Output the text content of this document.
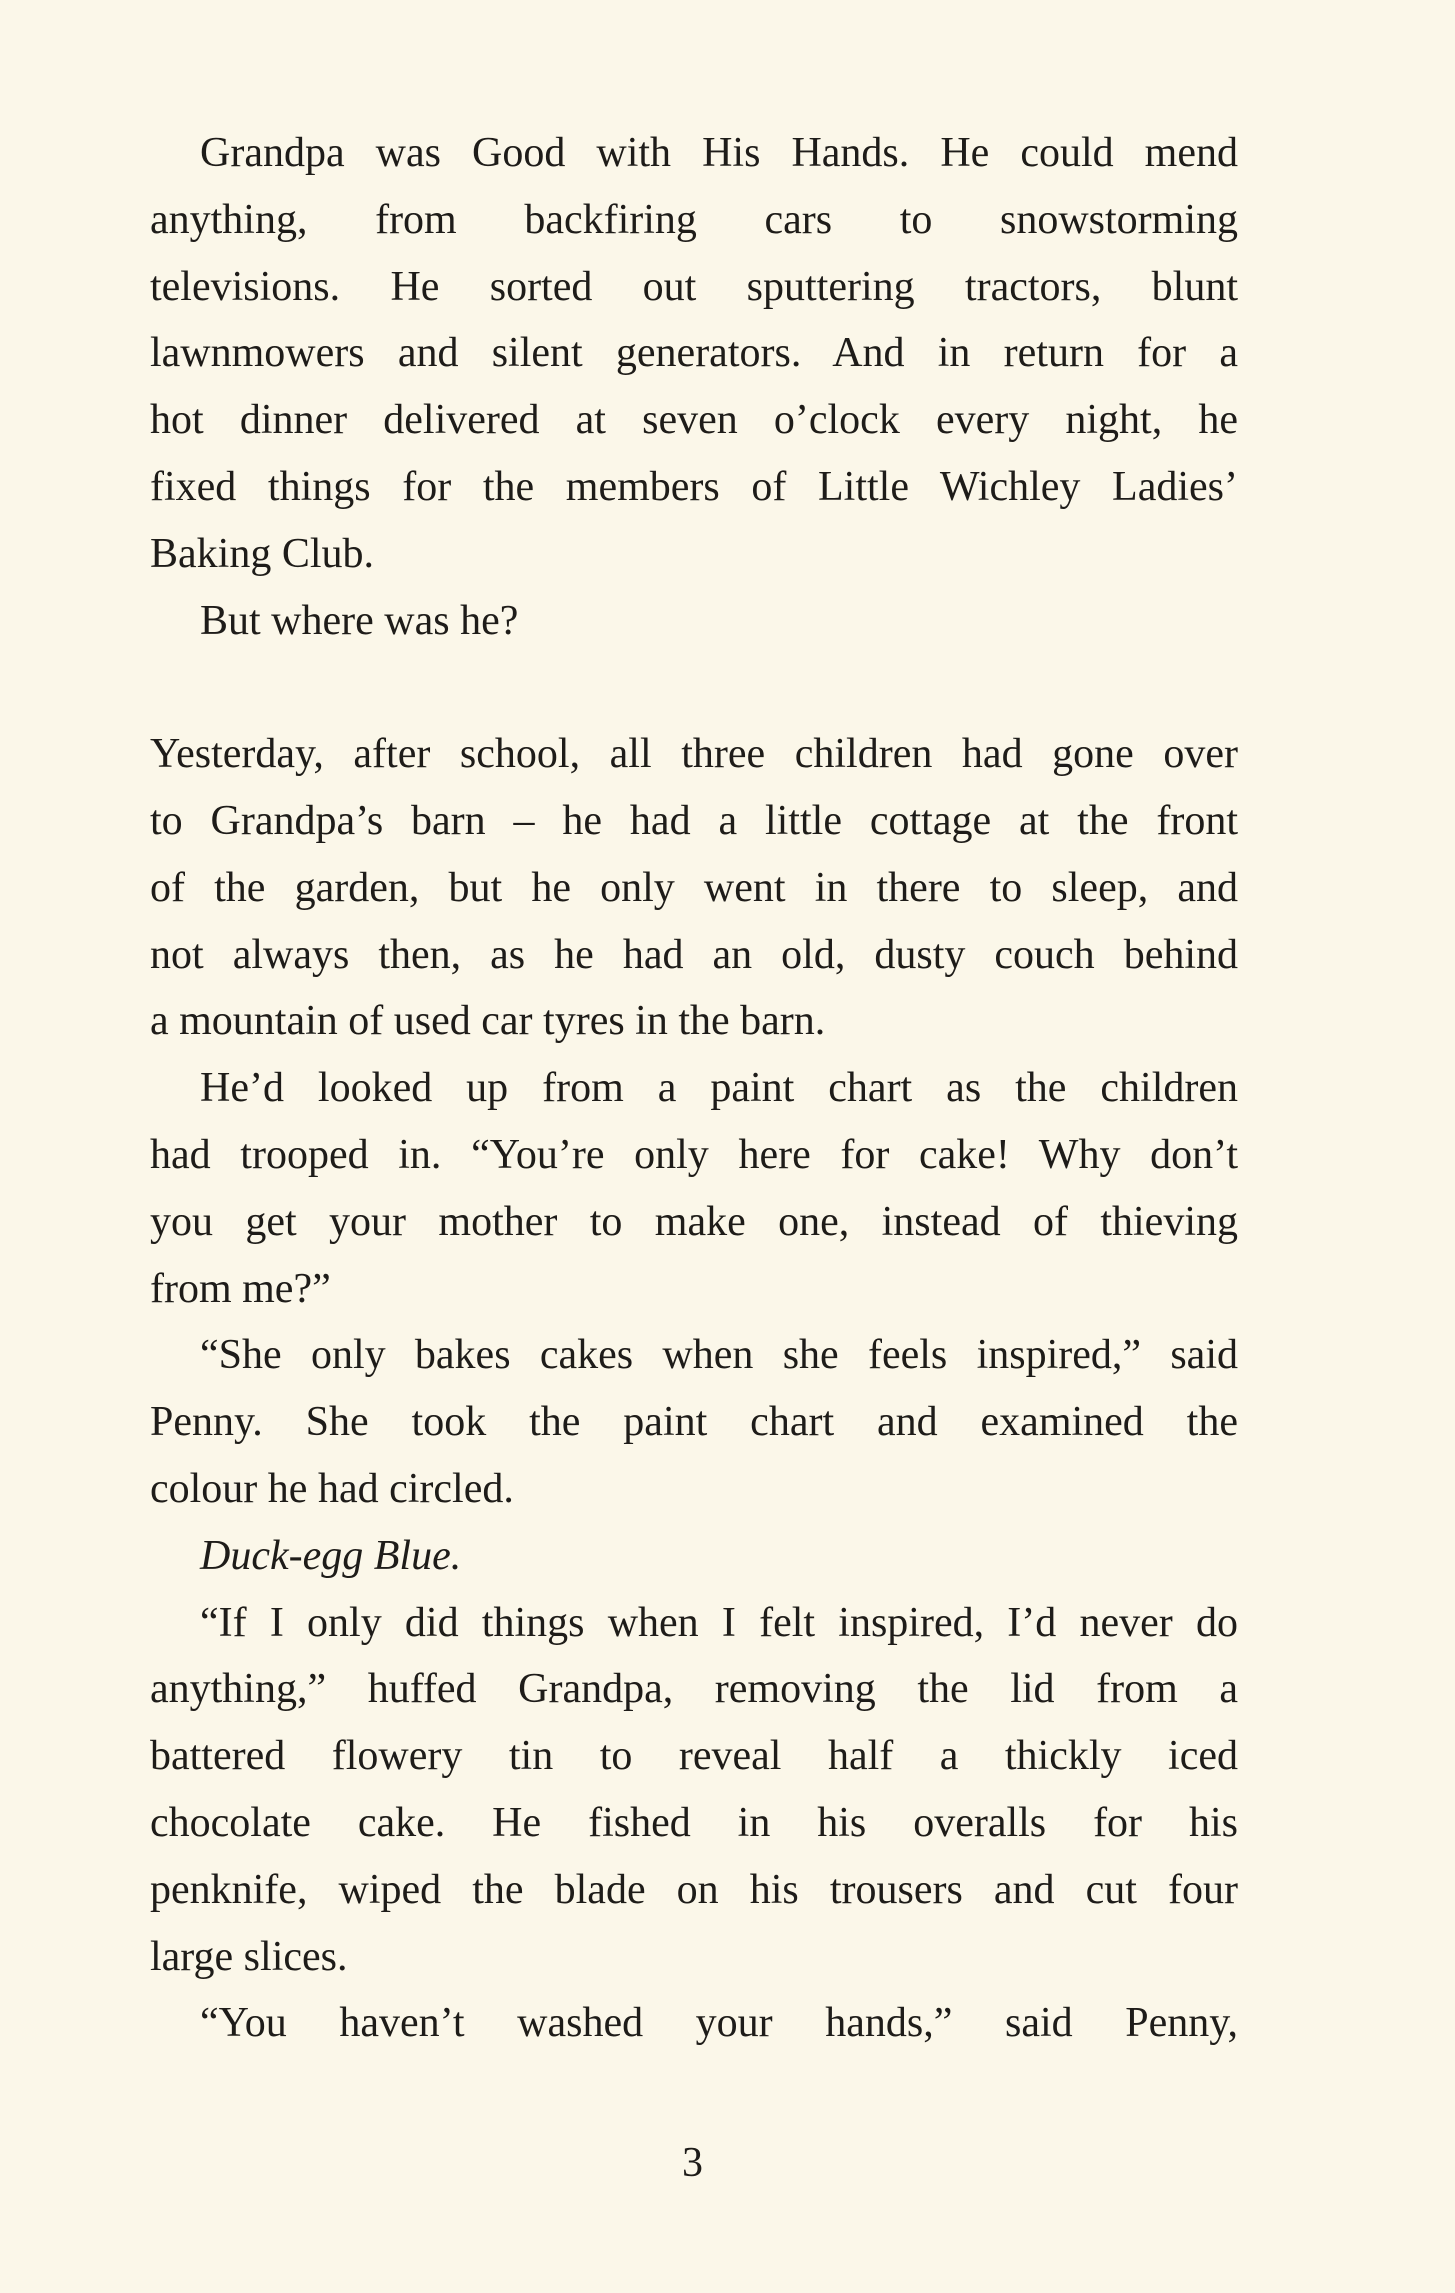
Grandpa was Good with His Hands. He could mend
anything, from backfiring cars to snowstorming
televisions. He sorted out sputtering tractors, blunt
lawnmowers and silent generators. And in return for a
hot dinner delivered at seven o’clock every night, he
fixed things for the members of Little Wichley Ladies’
Baking Club.
But where was he?
Yesterday, after school, all three children had gone over
to Grandpa’s barn – he had a little cottage at the front
of the garden, but he only went in there to sleep, and
not always then, as he had an old, dusty couch behind
a mountain of used car tyres in the barn.
He’d looked up from a paint chart as the children
had trooped in. “You’re only here for cake! Why don’t
you get your mother to make one, instead of thieving
from me?”
“She only bakes cakes when she feels inspired,” said
Penny. She took the paint chart and examined the
colour he had circled.
Duck-egg Blue.
“If I only did things when I felt inspired, I’d never do
anything,” huffed Grandpa, removing the lid from a
battered flowery tin to reveal half a thickly iced
chocolate cake. He fished in his overalls for his
penknife, wiped the blade on his trousers and cut four
large slices.
“You haven’t washed your hands,” said Penny,
3
